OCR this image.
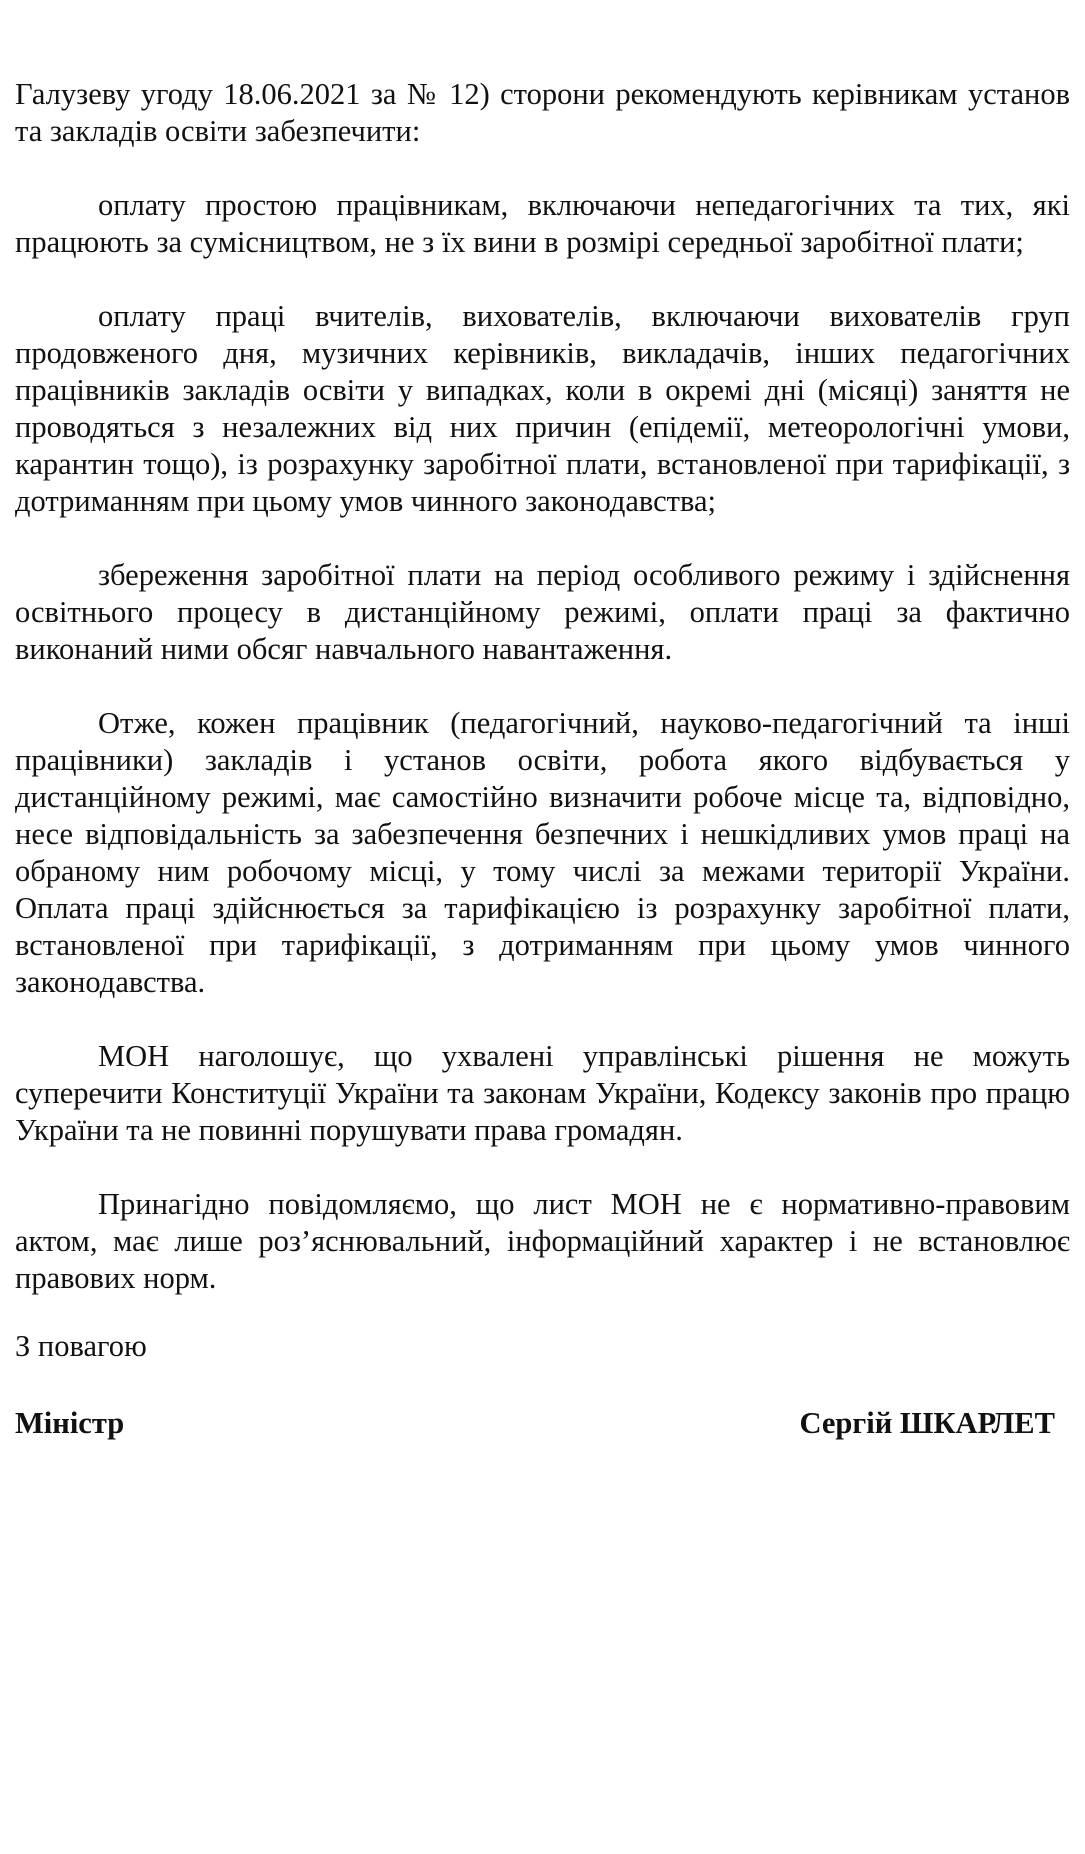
Галузеву угоду 18.06.2021 за № 12) сторони рекомендують керівникам установ та закладів освіти забезпечити:

оплату простою працівникам, включаючи непедагогічних та тих, які працюють за сумісництвом, не з їх вини в розмірі середньої заробітної плати;

оплату праці вчителів, вихователів, включаючи вихователів груп продовженого дня, музичних керівників, викладачів, інших педагогічних працівників закладів освіти у випадках, коли в окремі дні (місяці) заняття не проводяться з незалежних від них причин (епідемії, метеорологічні умови, карантин тощо), із розрахунку заробітної плати, встановленої при тарифікації, з дотриманням при цьому умов чинного законодавства;

збереження заробітної плати на період особливого режиму і здійснення освітнього процесу в дистанційному режимі, оплати праці за фактично виконаний ними обсяг навчального навантаження.

Отже, кожен працівник (педагогічний, науково-педагогічний та інші працівники) закладів і установ освіти, робота якого відбувається у дистанційному режимі, має самостійно визначити робоче місце та, відповідно, несе відповідальність за забезпечення безпечних і нешкідливих умов праці на обраному ним робочому місці, у тому числі за межами території України. Оплата праці здійснюється за тарифікацією із розрахунку заробітної плати, встановленої при тарифікації, з дотриманням при цьому умов чинного законодавства.

МОН наголошує, що ухвалені управлінські рішення не можуть суперечити Конституції України та законам України, Кодексу законів про працю України та не повинні порушувати права громадян.

Принагідно повідомляємо, що лист МОН не є нормативно-правовим актом, має лише роз’яснювальний, інформаційний характер і не встановлює правових норм.

З повагою
Міністр	Сергій ШКАРЛЕТ
